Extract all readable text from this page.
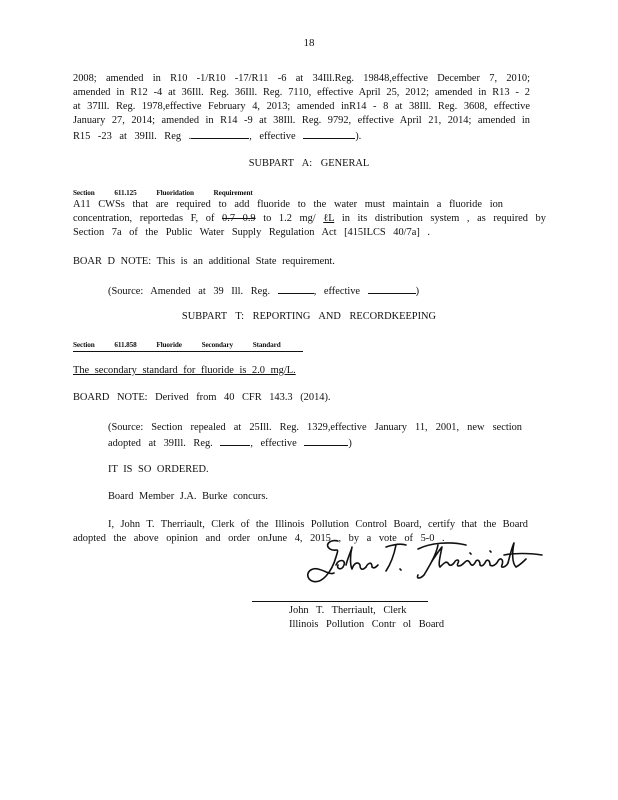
18
2008; amended in R10 -1/R10 -17/R11 -6 at 34Ill.Reg. 19848,effective December 7, 2010;
amended in R12 -4 at 36Ill. Reg. 36Ill. Reg. 7110, effective April 25, 2012; amended in R13 - 2
at 37Ill. Reg. 1978,effective February 4, 2013; amended inR14 - 8 at 38Ill. Reg. 3608, effective
January 27, 2014; amended in R14 -9 at 38Ill. Reg. 9792, effective April 21, 2014; amended in
R15 -23 at 39Ill. Reg .	, effective	).
SUBPART A: GENERAL
Section 611.125 Fluoridation Requirement
A11 CWSs that are required to add fluoride to the water must maintain a fluoride ion
concentration, reportedas F, of 0.7 0.9 to 1.2 mg/ ℓL in its distribution system , as required by
Section 7a of the Public Water Supply Regulation Act [415ILCS 40/7a] .
BOAR D NOTE: This is an additional State requirement.
(Source: Amended at 39 Ill. Reg.	, effective	)
SUBPART T: REPORTING AND RECORDKEEPING
Section 611.858 Fluoride Secondary Standard
The secondary standard for fluoride is 2.0 mg/L.
BOARD NOTE: Derived from 40 CFR 143.3 (2014).
(Source: Section repealed at 25Ill. Reg. 1329,effective January 11, 2001, new section
adopted at 39Ill. Reg.	, effective	)
IT IS SO ORDERED.
Board Member J.A. Burke concurs.
I, John T. Therriault, Clerk of the Illinois Pollution Control Board, certify that the Board
adopted the above opinion and order onJune 4, 2015 , by a vote of 5-0 .
John T. Therriault, Clerk
Illinois Pollution Contr ol Board
